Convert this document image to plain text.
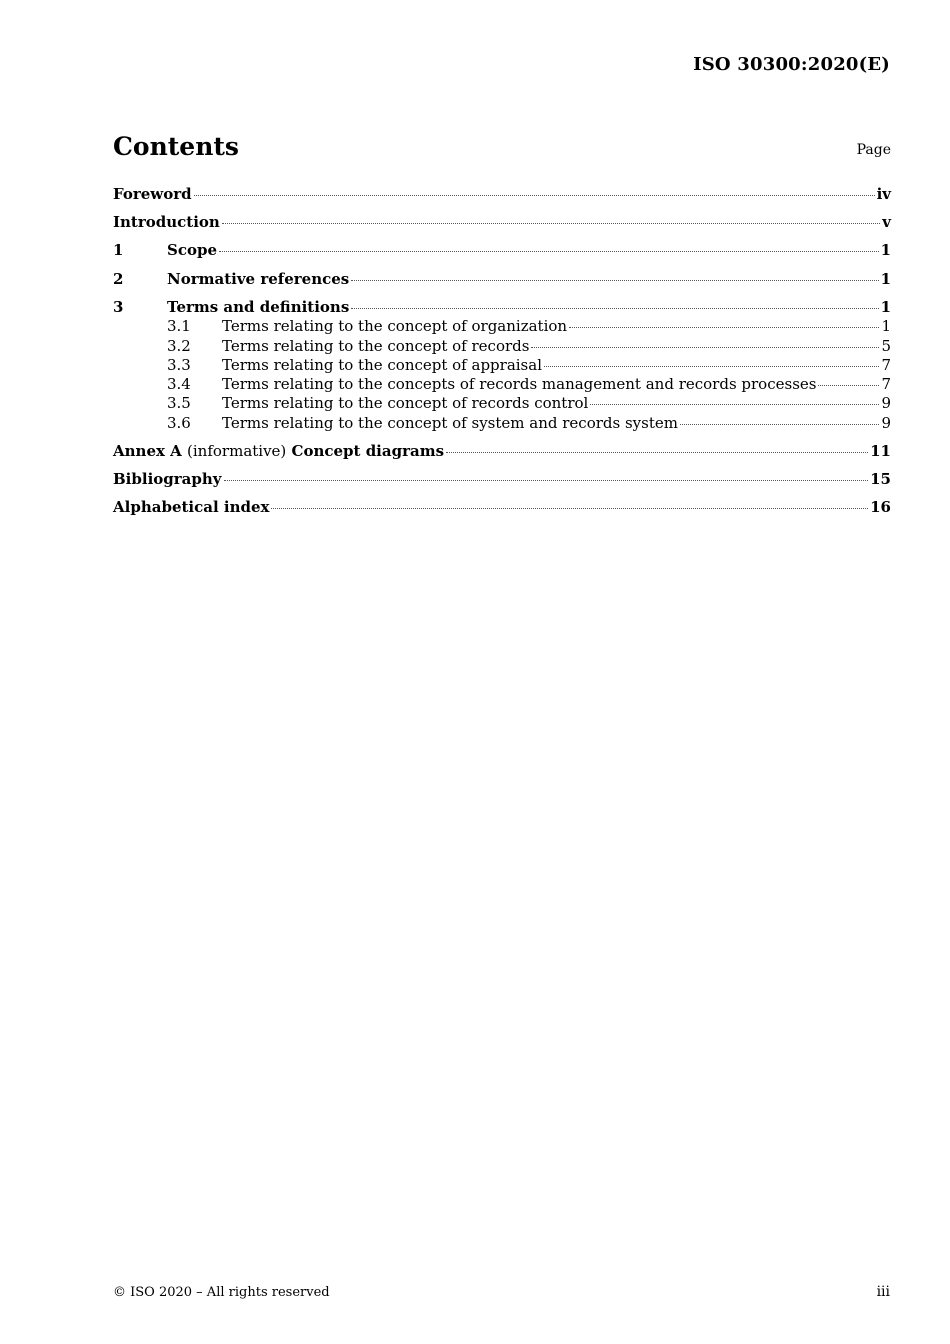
ISO 30300:2020(E)
Contents	Page
Foreword	iv
Introduction	v
1	Scope	1
2	Normative references	1
3	Terms and definitions	1
3.1	Terms relating to the concept of organization	1
3.2	Terms relating to the concept of records	5
3.3	Terms relating to the concept of appraisal	7
3.4	Terms relating to the concepts of records management and records processes	7
3.5	Terms relating to the concept of records control	9
3.6	Terms relating to the concept of system and records system	9
Annex A (informative) Concept diagrams	11
Bibliography	15
Alphabetical index	16
© ISO 2020 – All rights reserved	iii
